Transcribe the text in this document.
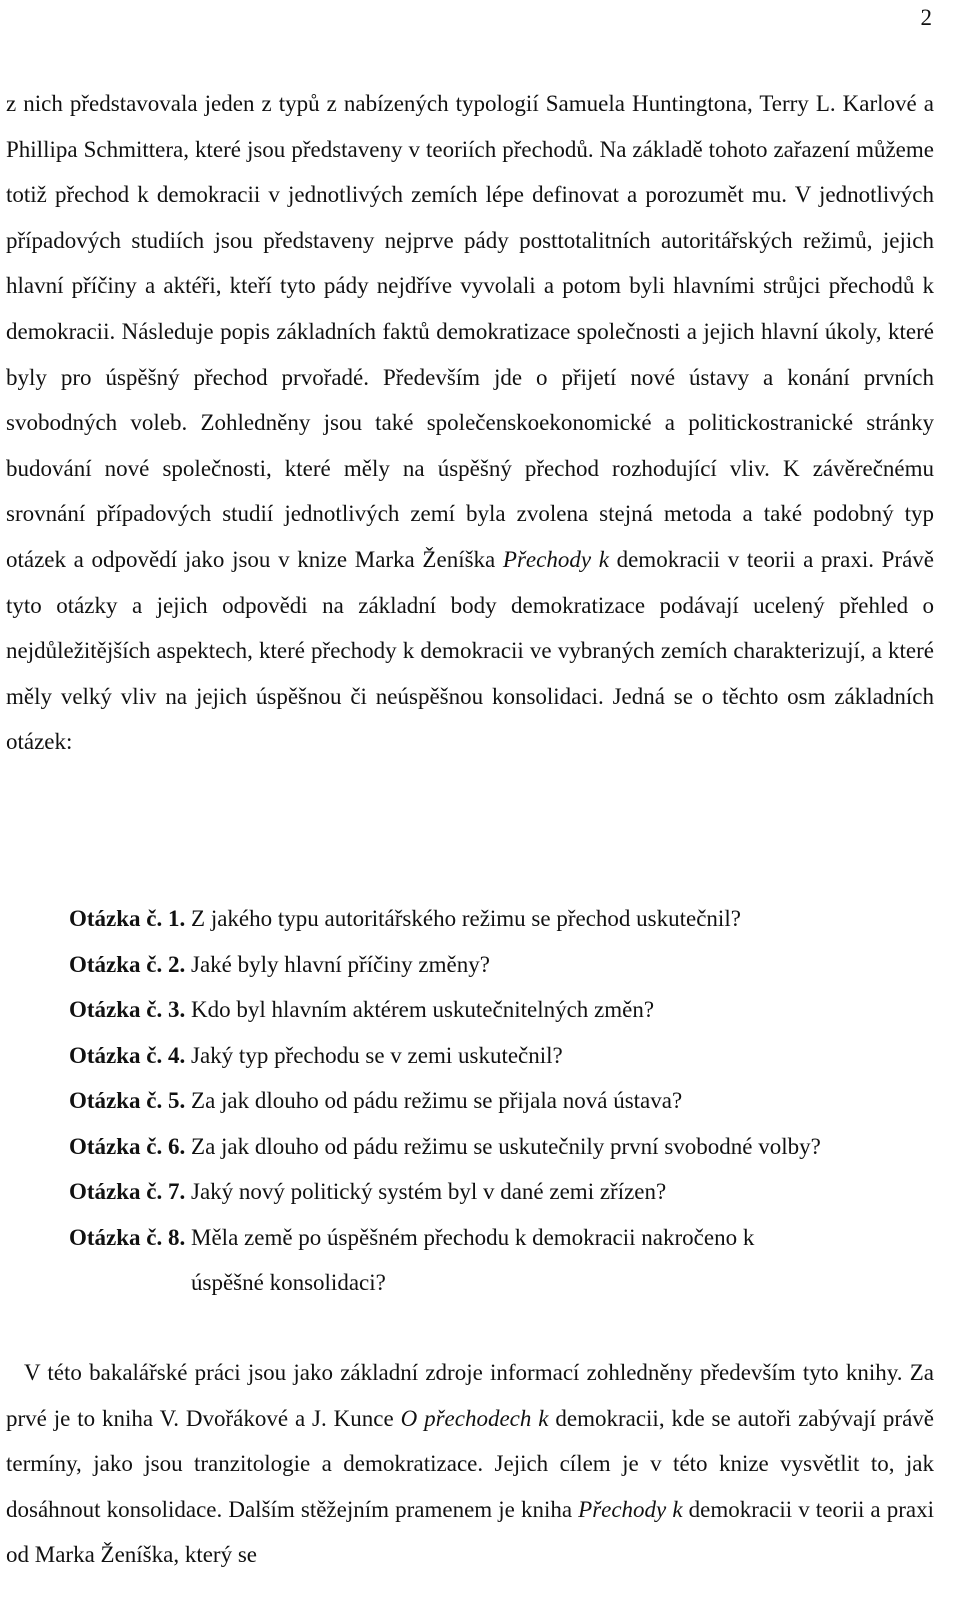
2

z nich představovala jeden z typů z nabízených typologií Samuela Huntingtona, Terry L. Karlové a Phillipa Schmittera, které jsou představeny v teoriích přechodů. Na základě tohoto zařazení můžeme totiž přechod k demokracii v jednotlivých zemích lépe definovat a porozumět mu. V jednotlivých případových studiích jsou představeny nejprve pády posttotalitních autoritářských režimů, jejich hlavní příčiny a aktéři, kteří tyto pády nejdříve vyvolali a potom byli hlavními strůjci přechodů k demokracii. Následuje popis základních faktů demokratizace společnosti a jejich hlavní úkoly, které byly pro úspěšný přechod prvořadé. Především jde o přijetí nové ústavy a konání prvních svobodných voleb. Zohledněny jsou také společenskoekonomické a politickostranické stránky budování nové společnosti, které měly na úspěšný přechod rozhodující vliv. K závěrečnému srovnání případových studií jednotlivých zemí byla zvolena stejná metoda a také podobný typ otázek a odpovědí jako jsou v knize Marka Ženíška Přechody k demokracii v teorii a praxi. Právě tyto otázky a jejich odpovědi na základní body demokratizace podávají ucelený přehled o nejdůležitějších aspektech, které přechody k demokracii ve vybraných zemích charakterizují, a které měly velký vliv na jejich úspěšnou či neúspěšnou konsolidaci. Jedná se o těchto osm základních otázek:

Otázka č. 1. Z jakého typu autoritářského režimu se přechod uskutečnil?
Otázka č. 2. Jaké byly hlavní příčiny změny?
Otázka č. 3. Kdo byl hlavním aktérem uskutečnitelných změn?
Otázka č. 4. Jaký typ přechodu se v zemi uskutečnil?
Otázka č. 5. Za jak dlouho od pádu režimu se přijala nová ústava?
Otázka č. 6. Za jak dlouho od pádu režimu se uskutečnily první svobodné volby?
Otázka č. 7. Jaký nový politický systém byl v dané zemi zřízen?
Otázka č. 8. Měla země po úspěšném přechodu k demokracii nakročeno k úspěšné konsolidaci?

V této bakalářské práci jsou jako základní zdroje informací zohledněny především tyto knihy. Za prvé je to kniha V. Dvořákové a J. Kunce O přechodech k demokracii, kde se autoři zabývají právě termíny, jako jsou tranzitologie a demokratizace. Jejich cílem je v této knize vysvětlit to, jak dosáhnout konsolidace. Dalším stěžejním pramenem je kniha Přechody k demokracii v teorii a praxi od Marka Ženíška, který se
